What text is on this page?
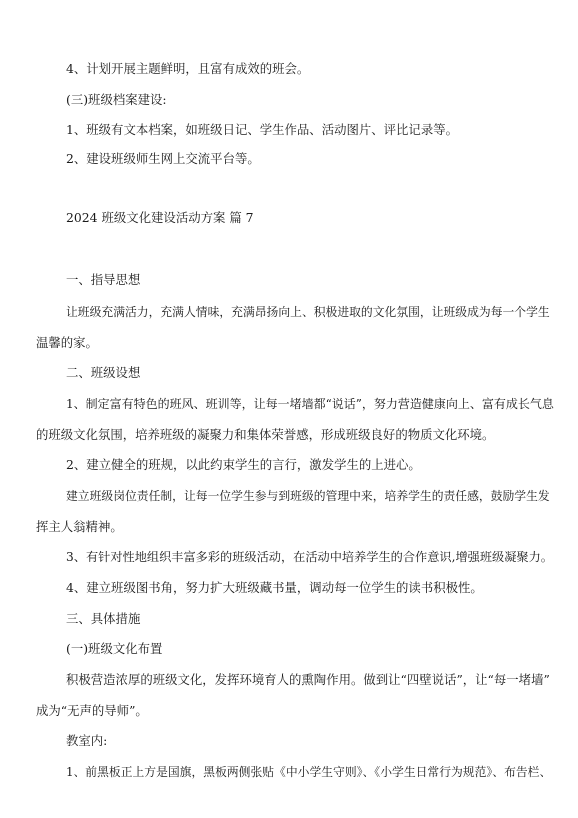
4、计划开展主题鲜明，且富有成效的班会。
(三)班级档案建设:
1、班级有文本档案，如班级日记、学生作品、活动图片、评比记录等。
2、建设班级师生网上交流平台等。
2024 班级文化建设活动方案 篇 7
一、指导思想
让班级充满活力，充满人情味，充满昂扬向上、积极进取的文化氛围，让班级成为每一个学生
温馨的家。
二、班级设想
1、制定富有特色的班风、班训等，让每一堵墙都“说话”，努力营造健康向上、富有成长气息
的班级文化氛围，培养班级的凝聚力和集体荣誉感，形成班级良好的物质文化环境。
2、建立健全的班规，以此约束学生的言行，激发学生的上进心。
建立班级岗位责任制，让每一位学生参与到班级的管理中来，培养学生的责任感，鼓励学生发
挥主人翁精神。
3、有针对性地组织丰富多彩的班级活动，在活动中培养学生的合作意识,增强班级凝聚力。
4、建立班级图书角，努力扩大班级藏书量，调动每一位学生的读书积极性。
三、具体措施
(一)班级文化布置
积极营造浓厚的班级文化，发挥环境育人的熏陶作用。做到让“四壁说话”，让“每一堵墙”
成为“无声的导师”。
教室内:
1、前黑板正上方是国旗，黑板两侧张贴《中小学生守则》、《小学生日常行为规范》、布告栏、
